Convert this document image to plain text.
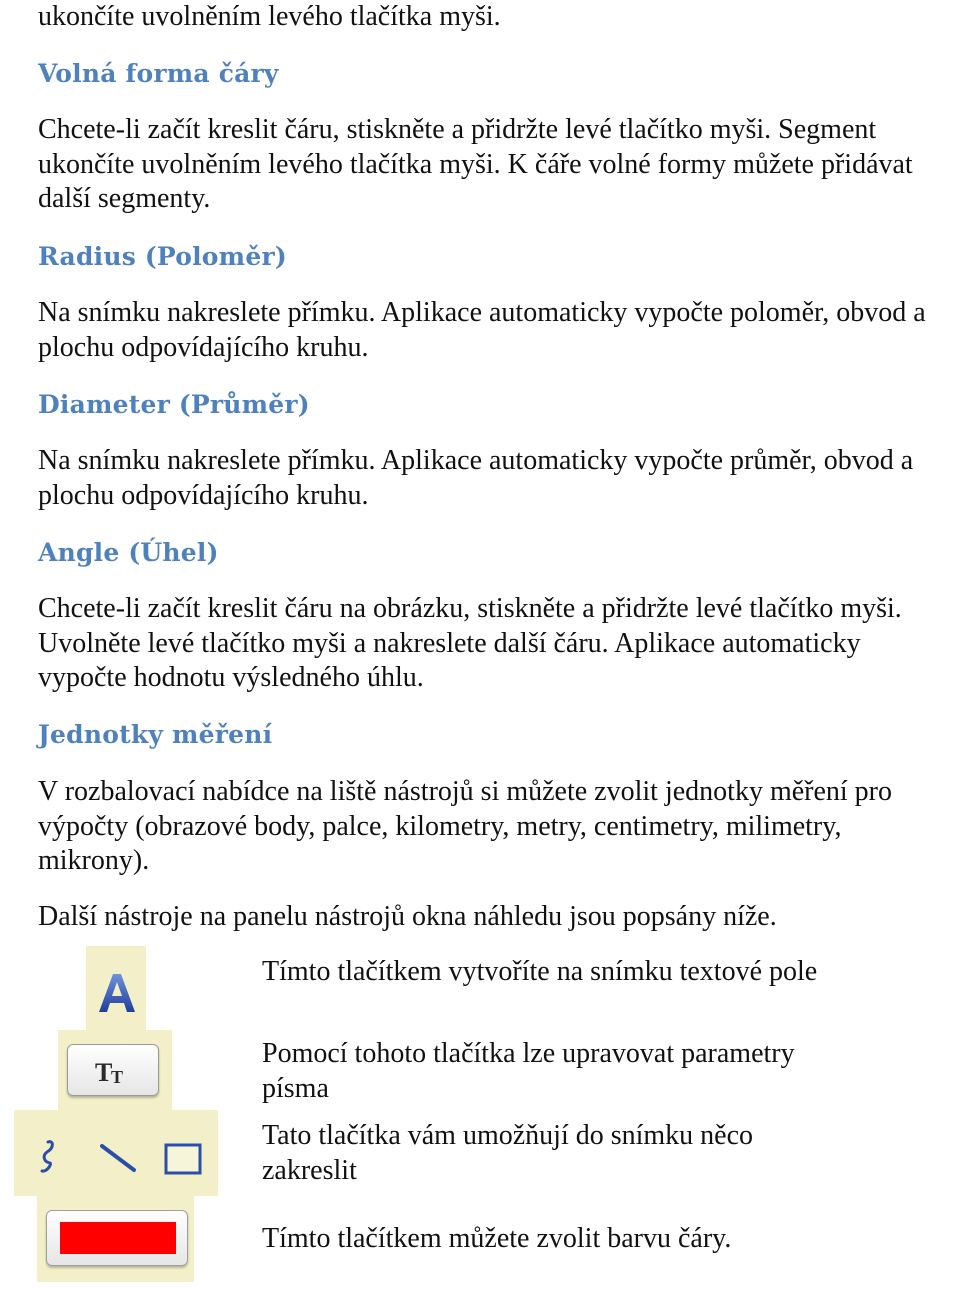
ukončíte uvolněním levého tlačítka myši.

Volná forma čáry

Chcete-li začít kreslit čáru, stiskněte a přidržte levé tlačítko myši. Segment ukončíte uvolněním levého tlačítka myši. K čáře volné formy můžete přidávat další segmenty.

Radius (Poloměr)

Na snímku nakreslete přímku. Aplikace automaticky vypočte poloměr, obvod a plochu odpovídajícího kruhu.

Diameter (Průměr)

Na snímku nakreslete přímku. Aplikace automaticky vypočte průměr, obvod a plochu odpovídajícího kruhu.

Angle (Úhel)

Chcete-li začít kreslit čáru na obrázku, stiskněte a přidržte levé tlačítko myši. Uvolněte levé tlačítko myši a nakreslete další čáru. Aplikace automaticky vypočte hodnotu výsledného úhlu.

Jednotky měření

V rozbalovací nabídce na liště nástrojů si můžete zvolit jednotky měření pro výpočty (obrazové body, palce, kilometry, metry, centimetry, milimetry, mikrony).

Další nástroje na panelu nástrojů okna náhledu jsou popsány níže.

Tímto tlačítkem vytvoříte na snímku textové pole

T
T

Pomocí tohoto tlačítka lze upravovat parametry písma

Tato tlačítka vám umožňují do snímku něco zakreslit

Tímto tlačítkem můžete zvolit barvu čáry.
